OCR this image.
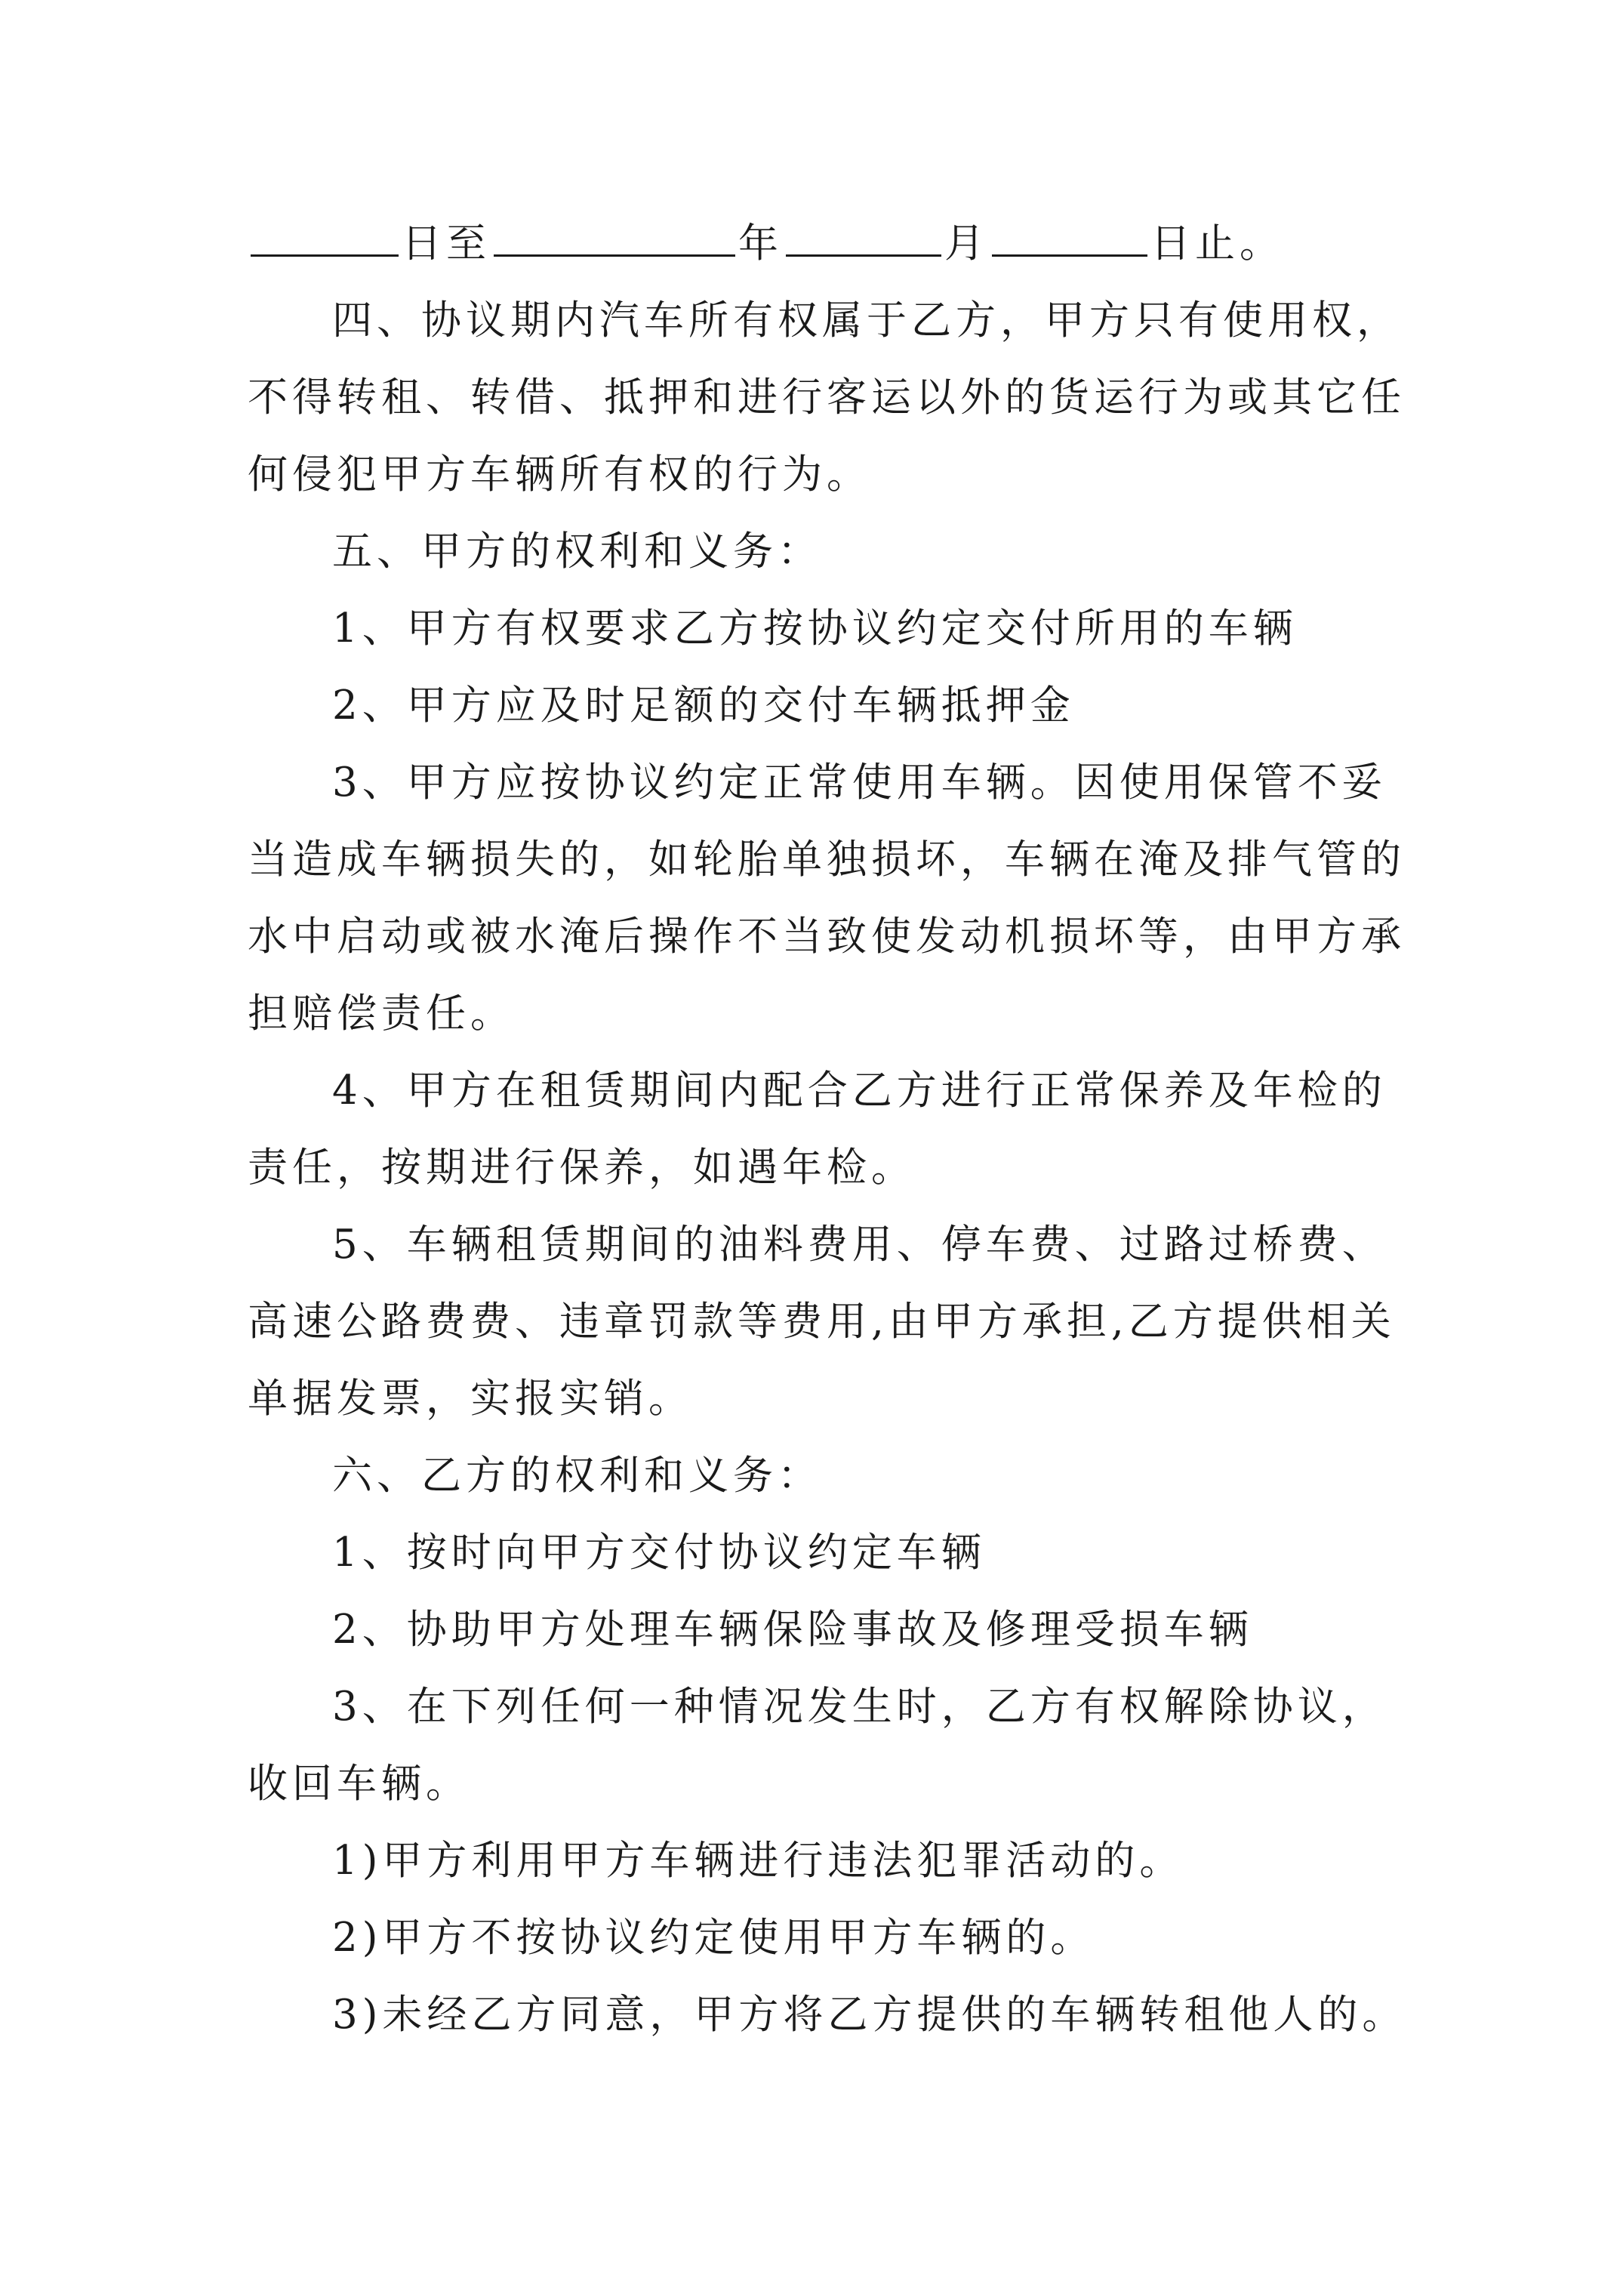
日至	年	月	日止。
四、协议期内汽车所有权属于乙方，甲方只有使用权，
不得转租、转借、抵押和进行客运以外的货运行为或其它任
何侵犯甲方车辆所有权的行为。
五、甲方的权利和义务：
1、甲方有权要求乙方按协议约定交付所用的车辆
2、甲方应及时足额的交付车辆抵押金
3、甲方应按协议约定正常使用车辆。因使用保管不妥
当造成车辆损失的，如轮胎单独损坏，车辆在淹及排气管的
水中启动或被水淹后操作不当致使发动机损坏等，由甲方承
担赔偿责任。
4、甲方在租赁期间内配合乙方进行正常保养及年检的
责任，按期进行保养，如遇年检。
5、车辆租赁期间的油料费用、停车费、过路过桥费、
高速公路费费、违章罚款等费用,由甲方承担,乙方提供相关
单据发票，实报实销。
六、乙方的权利和义务：
1、按时向甲方交付协议约定车辆
2、协助甲方处理车辆保险事故及修理受损车辆
3、在下列任何一种情况发生时，乙方有权解除协议，
收回车辆。
1)甲方利用甲方车辆进行违法犯罪活动的。
2)甲方不按协议约定使用甲方车辆的。
3)未经乙方同意，甲方将乙方提供的车辆转租他人的。
